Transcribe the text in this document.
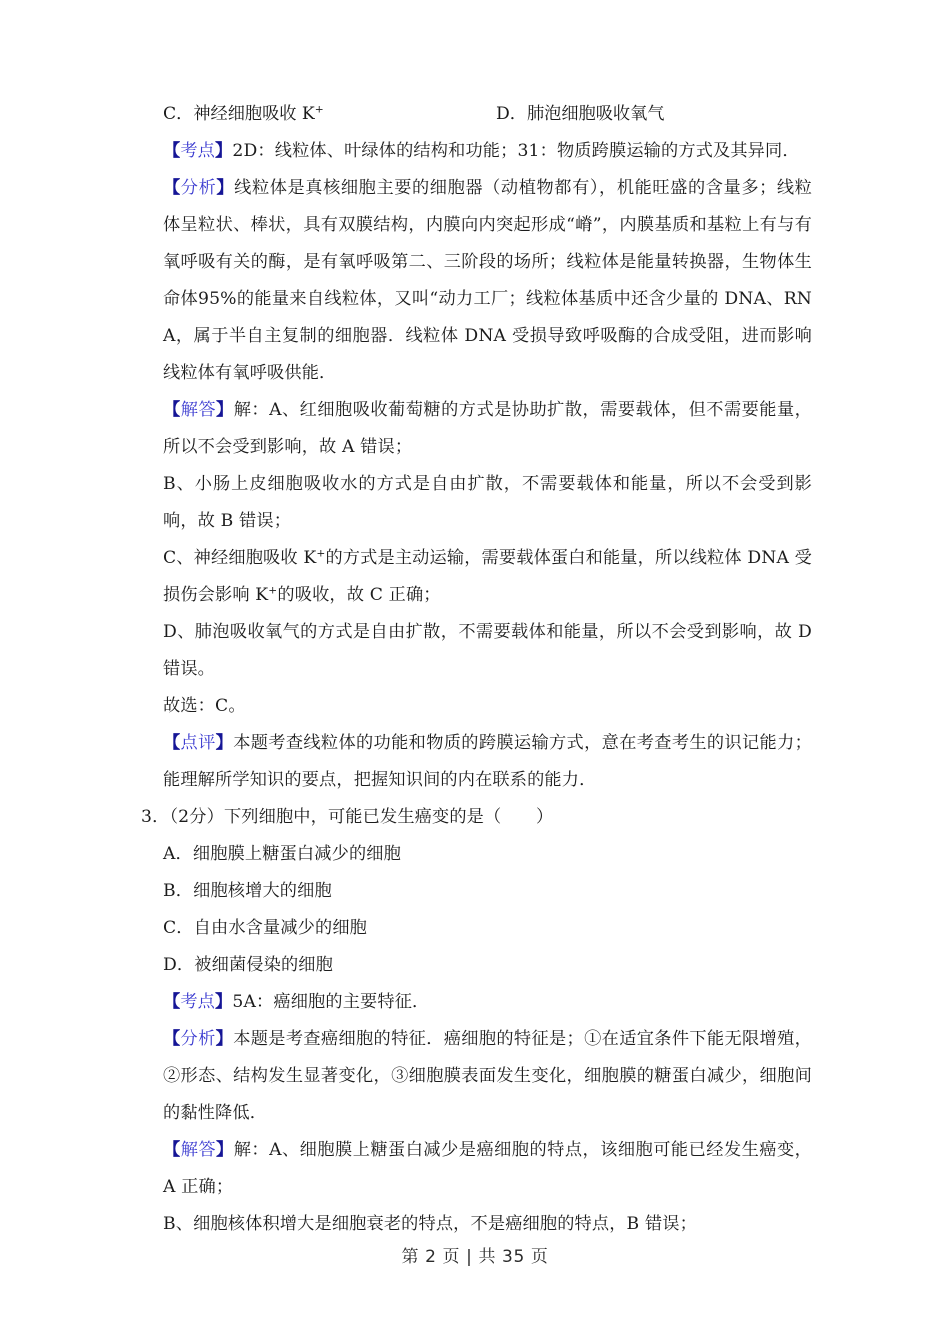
C．神经细胞吸收 K+	D．肺泡细胞吸收氧气
【考点】2D：线粒体、叶绿体的结构和功能；31：物质跨膜运输的方式及其异同．
【分析】线粒体是真核细胞主要的细胞器（动植物都有），机能旺盛的含量多；线粒体呈粒状、棒状，具有双膜结构，内膜向内突起形成“嵴”，内膜基质和基粒上有与有氧呼吸有关的酶，是有氧呼吸第二、三阶段的场所；线粒体是能量转换器，生物体生命体95%的能量来自线粒体，又叫“动力工厂；线粒体基质中还含少量的 DNA、RNA，属于半自主复制的细胞器．线粒体 DNA 受损导致呼吸酶的合成受阻，进而影响线粒体有氧呼吸供能．
【解答】解：A、红细胞吸收葡萄糖的方式是协助扩散，需要载体，但不需要能量，所以不会受到影响，故 A 错误；
B、小肠上皮细胞吸收水的方式是自由扩散，不需要载体和能量，所以不会受到影响，故 B 错误；
C、神经细胞吸收 K+的方式是主动运输，需要载体蛋白和能量，所以线粒体 DNA 受损伤会影响 K+的吸收，故 C 正确；
D、肺泡吸收氧气的方式是自由扩散，不需要载体和能量，所以不会受到影响，故 D 错误。
故选：C。
【点评】本题考查线粒体的功能和物质的跨膜运输方式，意在考查考生的识记能力；能理解所学知识的要点，把握知识间的内在联系的能力．
3．（2分）下列细胞中，可能已发生癌变的是（　　）
A．细胞膜上糖蛋白减少的细胞
B．细胞核增大的细胞
C．自由水含量减少的细胞
D．被细菌侵染的细胞
【考点】5A：癌细胞的主要特征．
【分析】本题是考查癌细胞的特征．癌细胞的特征是；①在适宜条件下能无限增殖，②形态、结构发生显著变化，③细胞膜表面发生变化，细胞膜的糖蛋白减少，细胞间的黏性降低．
【解答】解：A、细胞膜上糖蛋白减少是癌细胞的特点，该细胞可能已经发生癌变，A 正确；
B、细胞核体积增大是细胞衰老的特点，不是癌细胞的特点，B 错误；
第 2 页 | 共 35 页
